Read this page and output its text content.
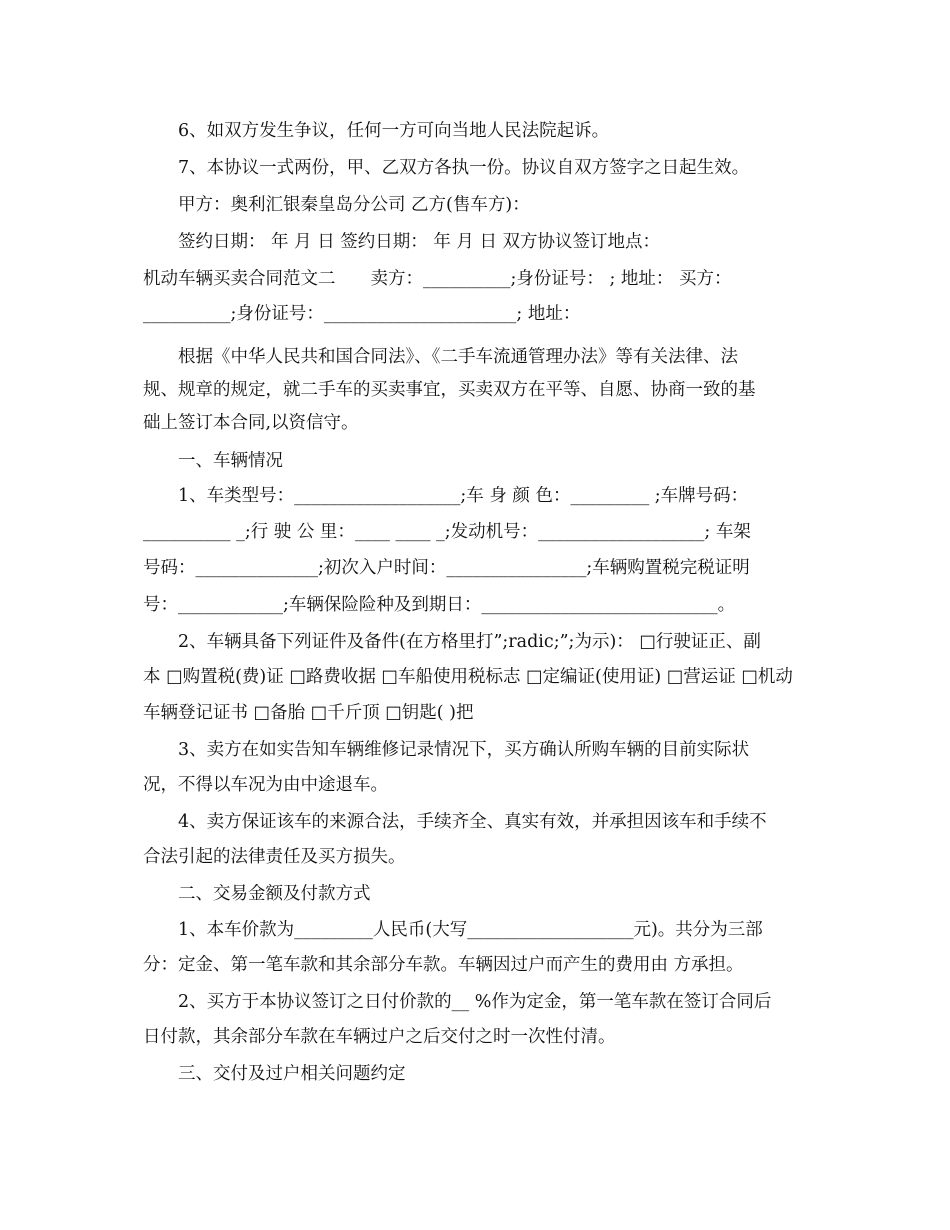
6、如双方发生争议，任何一方可向当地人民法院起诉。
7、本协议一式两份，甲、乙双方各执一份。协议自双方签字之日起生效。
甲方：奥利汇银秦皇岛分公司 乙方(售车方)：
签约日期： 年 月 日 签约日期： 年 月 日 双方协议签订地点：
机动车辆买卖合同范文二　　卖方：__________;身份证号： ; 地址： 买方：
__________;身份证号：______________________; 地址：
根据《中华人民共和国合同法》、《二手车流通管理办法》等有关法律、法
规、规章的规定，就二手车的买卖事宜，买卖双方在平等、自愿、协商一致的基
础上签订本合同,以资信守。
一、车辆情况
1、车类型号：___________________;车 身 颜 色：_________ ;车牌号码：
__________ _;行 驶 公 里：____ ____ _;发动机号：___________________; 车架
号码：______________;初次入户时间：________________;车辆购置税完税证明
号：____________;车辆保险险种及到期日：___________________________。
2、车辆具备下列证件及备件(在方格里打”;radic;”;为示)： □行驶证正、副
本 □购置税(费)证 □路费收据 □车船使用税标志 □定编证(使用证) □营运证 □机动
车辆登记证书 □备胎 □千斤顶 □钥匙( )把
3、卖方在如实告知车辆维修记录情况下，买方确认所购车辆的目前实际状
况，不得以车况为由中途退车。
4、卖方保证该车的来源合法，手续齐全、真实有效，并承担因该车和手续不
合法引起的法律责任及买方损失。
二、交易金额及付款方式
1、本车价款为_________人民币(大写___________________元)。共分为三部
分：定金、第一笔车款和其余部分车款。车辆因过户而产生的费用由 方承担。
2、买方于本协议签订之日付价款的__ %作为定金，第一笔车款在签订合同后
日付款，其余部分车款在车辆过户之后交付之时一次性付清。
三、交付及过户相关问题约定
